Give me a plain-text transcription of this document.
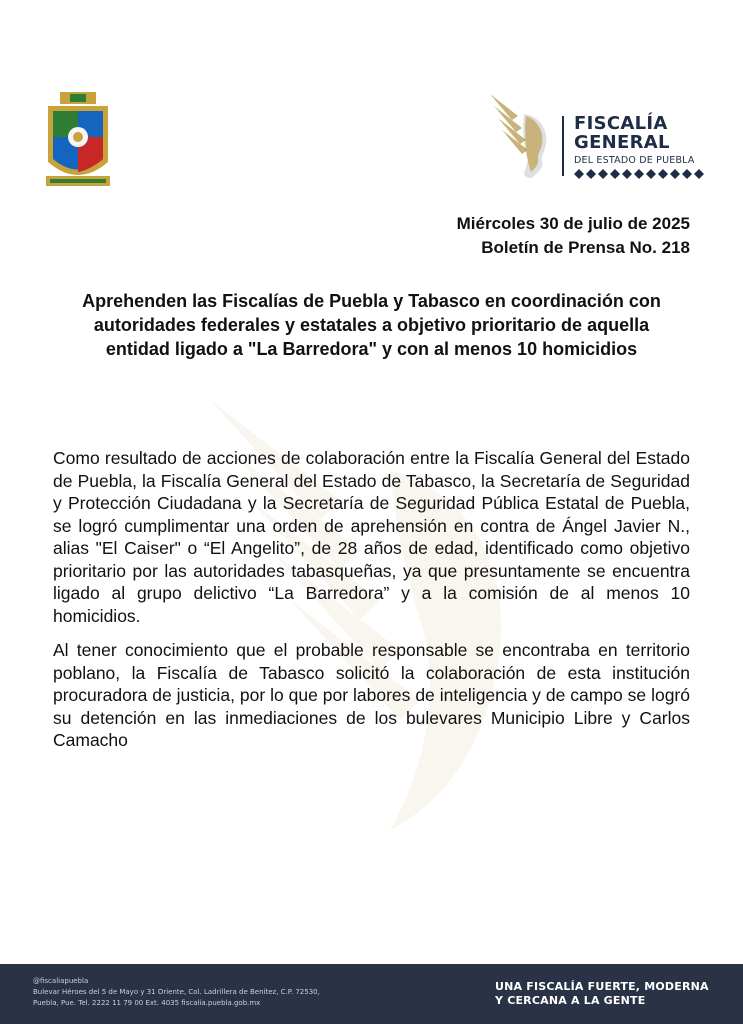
FISCALÍA
GENERAL
DEL ESTADO DE PUEBLA
Miércoles 30 de julio de 2025
Boletín de Prensa No. 218
Aprehenden las Fiscalías de Puebla y Tabasco en coordinación con autoridades federales y estatales a objetivo prioritario de aquella entidad ligado a "La Barredora" y con al menos 10 homicidios

Como resultado de acciones de colaboración entre la Fiscalía General del Estado de Puebla, la Fiscalía General del Estado de Tabasco, la Secretaría de Seguridad y Protección Ciudadana y la Secretaría de Seguridad Pública Estatal de Puebla, se logró cumplimentar una orden de aprehensión en contra de Ángel Javier N., alias "El Caiser" o “El Angelito”, de 28 años de edad, identificado como objetivo prioritario por las autoridades tabasqueñas, ya que presuntamente se encuentra ligado al grupo delictivo “La Barredora” y a la comisión de al menos 10 homicidios.

Al tener conocimiento que el probable responsable se encontraba en territorio poblano, la Fiscalía de Tabasco solicitó la colaboración de esta institución procuradora de justicia, por lo que por labores de inteligencia y de campo se logró su detención en las inmediaciones de los bulevares Municipio Libre y Carlos Camacho

@fiscaliapuebla
Bulevar Héroes del 5 de Mayo y 31 Oriente, Col. Ladrillera de Benítez, C.P. 72530,
Puebla, Pue. Tel. 2222 11 79 00 Ext. 4035 fiscalia.puebla.gob.mx
UNA FISCALÍA FUERTE, MODERNA
Y CERCANA A LA GENTE
